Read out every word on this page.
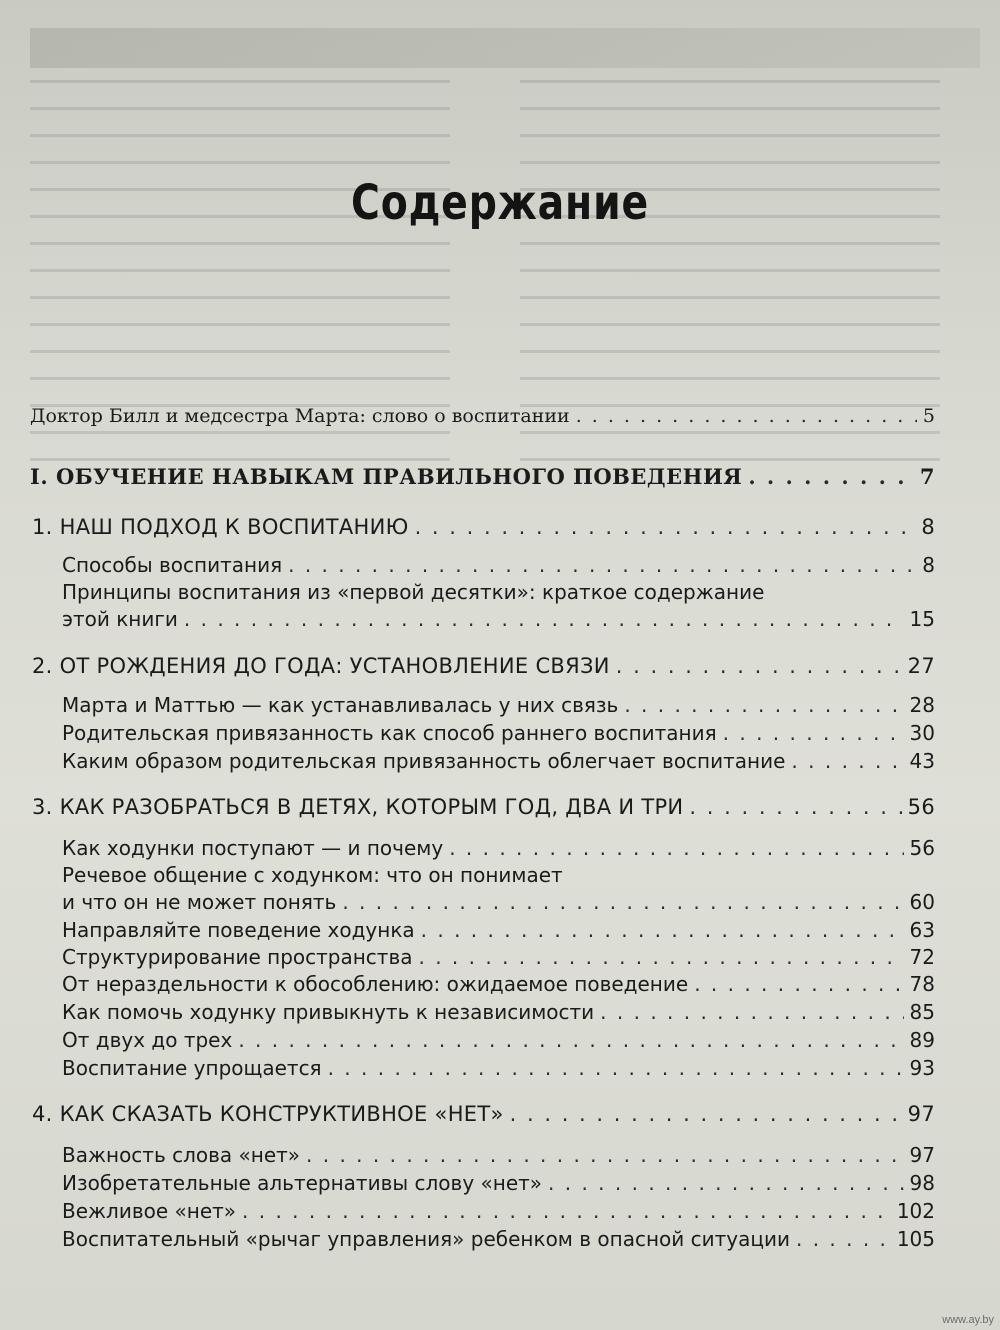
Содержание
Доктор Билл и медсестра Марта: слово о воспитании . . .	5
I. ОБУЧЕНИЕ НАВЫКАМ ПРАВИЛЬНОГО ПОВЕДЕНИЯ . . .	7
1. НАШ ПОДХОД К ВОСПИТАНИЮ . . .	8
Способы воспитания . . .	8
Принципы воспитания из «первой десятки»: краткое содержание
этой книги . . .	15
2. ОТ РОЖДЕНИЯ ДО ГОДА: УСТАНОВЛЕНИЕ СВЯЗИ . . .	27
Марта и Маттью — как устанавливалась у них связь . . .	28
Родительская привязанность как способ раннего воспитания . . .	30
Каким образом родительская привязанность облегчает воспитание . . .	43
3. КАК РАЗОБРАТЬСЯ В ДЕТЯХ, КОТОРЫМ ГОД, ДВА И ТРИ . . .	56
Как ходунки поступают — и почему . . .	56
Речевое общение с ходунком: что он понимает
и что он не может понять . . .	60
Направляйте поведение ходунка . . .	63
Структурирование пространства . . .	72
От нераздельности к обособлению: ожидаемое поведение . . .	78
Как помочь ходунку привыкнуть к независимости . . .	85
От двух до трех . . .	89
Воспитание упрощается . . .	93
4. КАК СКАЗАТЬ КОНСТРУКТИВНОЕ «НЕТ» . . .	97
Важность слова «нет» . . .	97
Изобретательные альтернативы слову «нет» . . .	98
Вежливое «нет» . . .	102
Воспитательный «рычаг управления» ребенком в опасной ситуации . . .	105
www.ay.by
